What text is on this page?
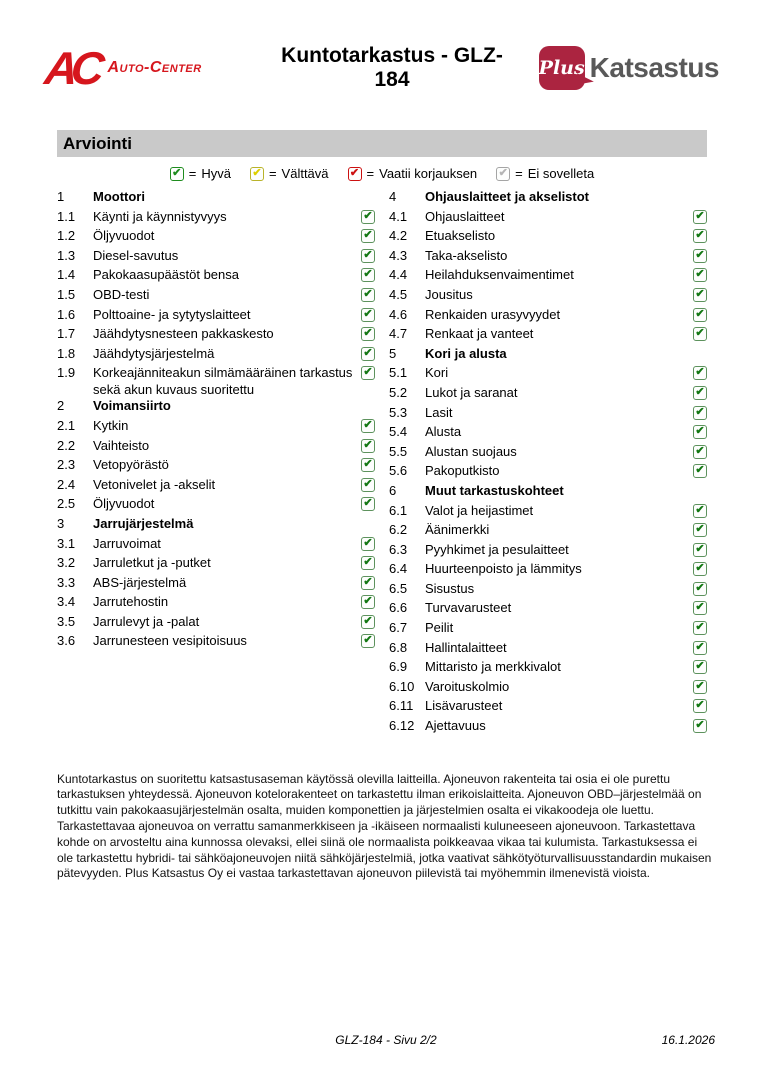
AC Auto-Center
Kuntotarkastus - GLZ-184	Plus Katsastus
Arviointi
✔ = Hyvä ✔ = Välttävä ✔ = Vaatii korjauksen ✔ = Ei sovelleta
1	Moottori
1.1	Käynti ja käynnistyvyys	✔
1.2	Öljyvuodot	✔
1.3	Diesel-savutus	✔
1.4	Pakokaasupäästöt bensa	✔
1.5	OBD-testi	✔
1.6	Polttoaine- ja sytytyslaitteet	✔
1.7	Jäähdytysnesteen pakkaskesto	✔
1.8	Jäähdytysjärjestelmä	✔
1.9	Korkeajänniteakun silmämääräinen tarkastus sekä akun kuvaus suoritettu
✔
2	Voimansiirto
2.1	Kytkin	✔
2.2	Vaihteisto	✔
2.3	Vetopyörästö	✔
2.4	Vetonivelet ja -akselit	✔
2.5	Öljyvuodot	✔
3	Jarrujärjestelmä
3.1	Jarruvoimat	✔
3.2	Jarruletkut ja -putket	✔
3.3	ABS-järjestelmä	✔
3.4	Jarrutehostin	✔
3.5	Jarrulevyt ja -palat	✔
3.6	Jarrunesteen vesipitoisuus	✔
4	Ohjauslaitteet ja akselistot
4.1	Ohjauslaitteet	✔
4.2	Etuakselisto	✔
4.3	Taka-akselisto	✔
4.4	Heilahduksenvaimentimet	✔
4.5	Jousitus	✔
4.6	Renkaiden urasyvyydet	✔
4.7	Renkaat ja vanteet	✔
5	Kori ja alusta
5.1	Kori	✔
5.2	Lukot ja saranat	✔
5.3	Lasit	✔
5.4	Alusta	✔
5.5	Alustan suojaus	✔
5.6	Pakoputkisto	✔
6	Muut tarkastuskohteet
6.1	Valot ja heijastimet	✔
6.2	Äänimerkki	✔
6.3	Pyyhkimet ja pesulaitteet	✔
6.4	Huurteenpoisto ja lämmitys	✔
6.5	Sisustus	✔
6.6	Turvavarusteet	✔
6.7	Peilit	✔
6.8	Hallintalaitteet	✔
6.9	Mittaristo ja merkkivalot	✔
6.10 Varoituskolmio	✔
6.11 Lisävarusteet	✔
6.12 Ajettavuus	✔
Kuntotarkastus on suoritettu katsastusaseman käytössä olevilla laitteilla. Ajoneuvon rakenteita tai osia ei ole purettu tarkastuksen yhteydessä. Ajoneuvon kotelorakenteet on tarkastettu ilman erikoislaitteita. Ajoneuvon OBD–järjestelmää on tutkittu vain pakokaasujärjestelmän osalta, muiden komponettien ja järjestelmien osalta ei vikakoodeja ole luettu. Tarkastettavaa ajoneuvoa on verrattu samanmerkkiseen ja -ikäiseen normaalisti kuluneeseen ajoneuvoon. Tarkastettava kohde on arvosteltu aina kunnossa olevaksi, ellei siinä ole normaalista poikkeavaa vikaa tai kulumista. Tarkastuksessa ei ole tarkastettu hybridi- tai sähköajoneuvojen niitä sähköjärjestelmiä, jotka vaativat sähkötyöturvallisuusstandardin mukaisen pätevyyden. Plus Katsastus Oy ei vastaa tarkastettavan ajoneuvon piilevistä tai myöhemmin ilmenevistä vioista.
GLZ-184 - Sivu 2/2	16.1.2026
